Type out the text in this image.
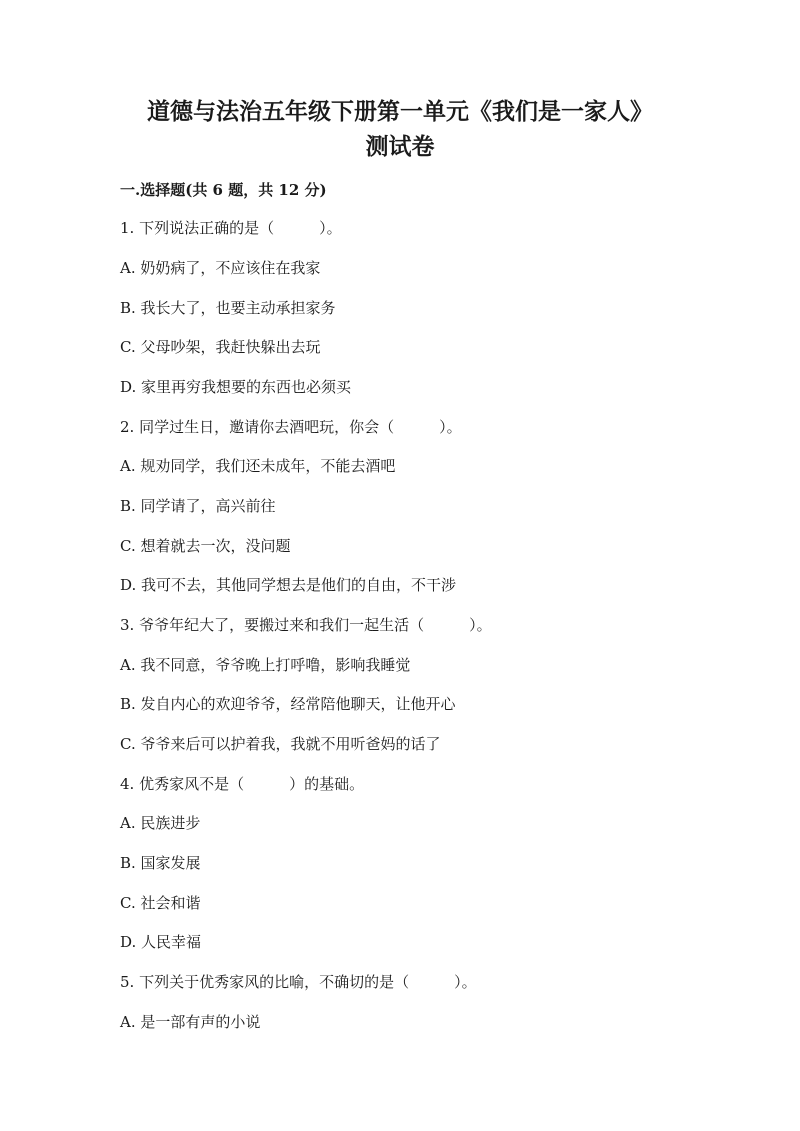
道德与法治五年级下册第一单元《我们是一家人》
测试卷
一.选择题(共 6 题，共 12 分)
1. 下列说法正确的是（　　　）。
A. 奶奶病了，不应该住在我家
B. 我长大了，也要主动承担家务
C. 父母吵架，我赶快躲出去玩
D. 家里再穷我想要的东西也必须买
2. 同学过生日，邀请你去酒吧玩，你会（　　　）。
A. 规劝同学，我们还未成年，不能去酒吧
B. 同学请了，高兴前往
C. 想着就去一次，没问题
D. 我可不去，其他同学想去是他们的自由，不干涉
3. 爷爷年纪大了，要搬过来和我们一起生活（　　　）。
A. 我不同意，爷爷晚上打呼噜，影响我睡觉
B. 发自内心的欢迎爷爷，经常陪他聊天，让他开心
C. 爷爷来后可以护着我，我就不用听爸妈的话了
4. 优秀家风不是（　　　）的基础。
A. 民族进步
B. 国家发展
C. 社会和谐
D. 人民幸福
5. 下列关于优秀家风的比喻，不确切的是（　　　）。
A. 是一部有声的小说
